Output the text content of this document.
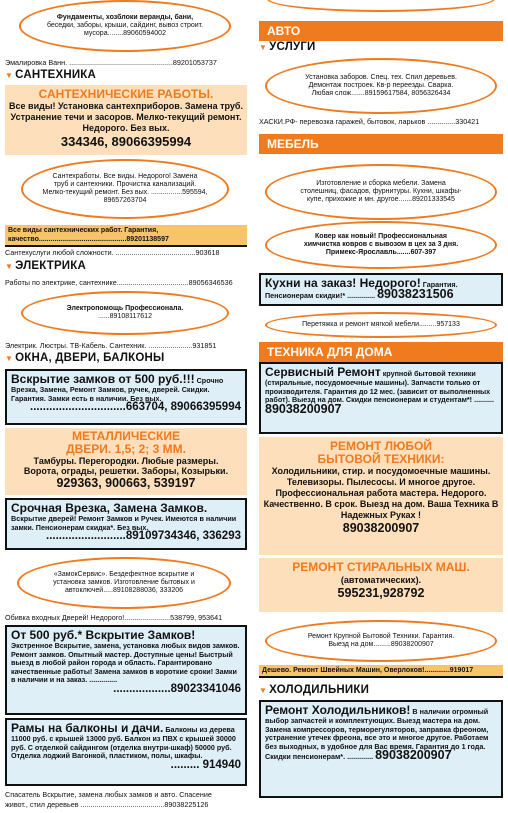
Фундаменты, хозблоки веранды, бани,
беседки, заборы, крыши, сайдинг, вывоз строит.
мусора........89060594002
Эмалировка Ванн. ....................................................89201053737
▼ САНТЕХНИКА
САНТЕХНИЧЕСКИЕ РАБОТЫ.
Все виды! Установка сантехприборов. Замена труб. Устранение течи и засоров. Мелко-текущий ремонт. Недорого. Без вых.
334346, 89066395994
Сантехработы. Все виды. Недорого! Замена
труб и сантехники. Прочистка канализаций.
Мелко-текущий ремонт. Без вых. ................595594,
89657263704
Все виды сантехнических работ. Гарантия, качество.............................................89201138597
Сантехуслуги любой сложности. ........................................903618
▼ ЭЛЕКТРИКА
Работы по электрике, сантехнике....................................89056346536
Электропомощь Профессионала.
......89108117612
Электрик. Люстры. ТВ-Кабель. Сантехник. ......................931851
▼ ОКНА, ДВЕРИ, БАЛКОНЫ
Вскрытие замков от 500 руб.!!! Срочно Врезка, Замена, Ремонт Замков, ручек, дверей. Скидки. Гарантия. Замки есть в наличии. Без вых.
..............................663704, 89066395994
МЕТАЛЛИЧЕСКИЕ
ДВЕРИ. 1,5; 2; 3 ММ.
Тамбуры. Перегородки. Любые размеры.
Ворота, ограды, решетки. Заборы, Козырьки.
929363, 900663, 539197
Срочная Врезка, Замена Замков.
Вскрытие дверей! Ремонт Замков и Ручек. Имеются в наличии замки. Пенсионерам скидка*. Без вых.
.........................89109734346, 336293
«ЗамокСервис». Бездефектное вскрытие и
установка замков. Изготовление бытовых и
автоключей.....89108288036, 333206
Обивка входных Дверей! Недорого!.......................538799, 953641
От 500 руб.* Вскрытие Замков!
Экстренное Вскрытие, замена, установка любых видов замков. Ремонт замков. Опытный мастер. Доступные цены! Быстрый выезд в любой район города и область. Гарантировано качественные работы! Замена замков в короткие сроки! Замки в наличии и на заказ. ..............
..................89023341046
Рамы на балконы и дачи. Балконы из дерева 11000 руб. с крышей 13000 руб. Балкон из ПВХ с крышей 30000 руб. С отделкой сайдингом (отделка внутри-шкаф) 50000 руб. Отделка лоджий Вагонкой, пластиком, полы, шкафы.
......... 914940
Спасатель Вскрытие, замена любых замков и авто. Спасение
живот., стил деревьев ..........................................89038225126
АВТО
▼ УСЛУГИ
Установка заборов. Спец. тех. Спил деревьев.
Демонтаж построек. Кв-р переезды. Сварка.
Любая слож.......89159617584, 8056326434
ХАСКИ.РФ- перевозка гаражей, бытовок, ларьков ..............330421
МЕБЕЛЬ
Изготовление и сборка мебели. Замена
столешниц, фасадов, фурнитуры. Кухни, шкафы-
купе, прихожие и мн. другое.......89201333545
Ковер как новый! Профессиональная
химчистка ковров с вывозом в цех за 3 дня.
Примекс-Ярославль.......607-397
Кухни на заказ! Недорого! Гарантия.
Пенсионерам скидки!* .............. 89038231506
Перетяжка и ремонт мягкой мебели.........957133
ТЕХНИКА ДЛЯ ДОМА
Сервисный Ремонт крупной бытовой техники (стиральные, посудомоечные машины). Запчасти только от производителя. Гарантия до 12 мес. (зависит от выполненных работ). Выезд на дом. Скидки пенсионерам и студентам*! .......... 89038200907
РЕМОНТ ЛЮБОЙ
БЫТОВОЙ ТЕХНИКИ:
Холодильники, стир. и посудомоечные машины. Телевизоры. Пылесосы. И многое другое. Профессиональная работа мастера. Недорого. Качественно. В срок. Выезд на дом. Ваша Техника В Надежных Руках !
89038200907
РЕМОНТ СТИРАЛЬНЫХ МАШ.
(автоматических).
595231,928792
Ремонт Крупной Бытовой Техники. Гарантия.
Выезд на дом.........89038200907
Дешево. Ремонт Швейных Машин, Оверлоков!.............919017
▼ ХОЛОДИЛЬНИКИ
Ремонт Холодильников! В наличии огромный выбор запчастей и комплектующих. Выезд мастера на дом. Замена компрессоров, терморегуляторов, заправка фреоном, устранение утечек фреона, все это и многое другое. Работаем без выходных, в удобное для Вас время. Гарантия до 1 года. Скидки пенсионерам*. ............. 89038200907
